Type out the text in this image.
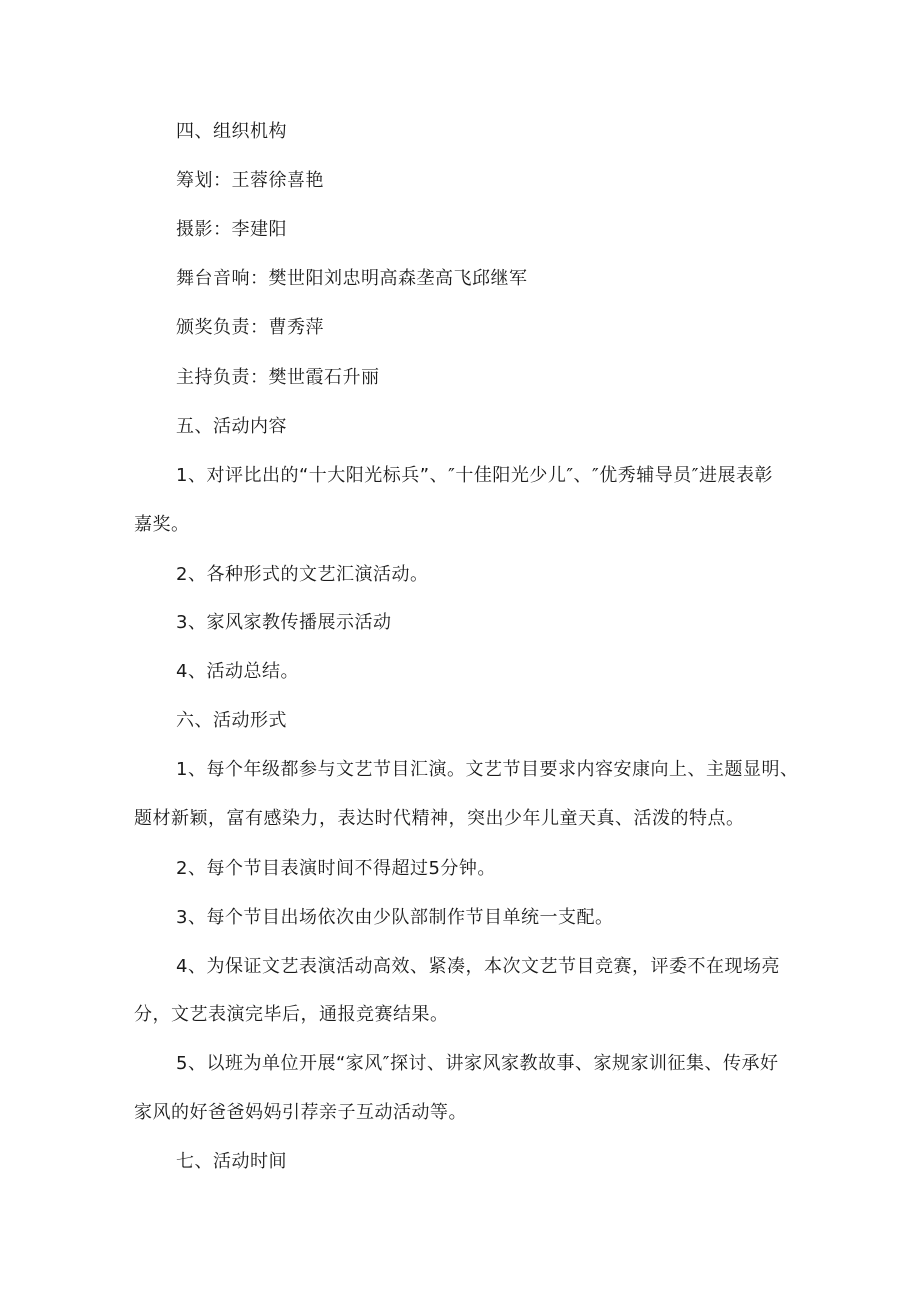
四、组织机构

筹划：王蓉徐喜艳

摄影：李建阳

舞台音响：樊世阳刘忠明高森垄高飞邱继军

颁奖负责：曹秀萍

主持负责：樊世霞石升丽

五、活动内容

1、对评比出的“十大阳光标兵”、″十佳阳光少儿″、″优秀辅导员″进展表彰

嘉奖。

2、各种形式的文艺汇演活动。

3、家风家教传播展示活动

4、活动总结。

六、活动形式

1、每个年级都参与文艺节目汇演。文艺节目要求内容安康向上、主题显明、

题材新颖，富有感染力，表达时代精神，突出少年儿童天真、活泼的特点。

2、每个节目表演时间不得超过5分钟。

3、每个节目出场依次由少队部制作节目单统一支配。

4、为保证文艺表演活动高效、紧凑，本次文艺节目竞赛，评委不在现场亮

分，文艺表演完毕后，通报竞赛结果。

5、以班为单位开展“家风″探讨、讲家风家教故事、家规家训征集、传承好

家风的好爸爸妈妈引荐亲子互动活动等。

七、活动时间
